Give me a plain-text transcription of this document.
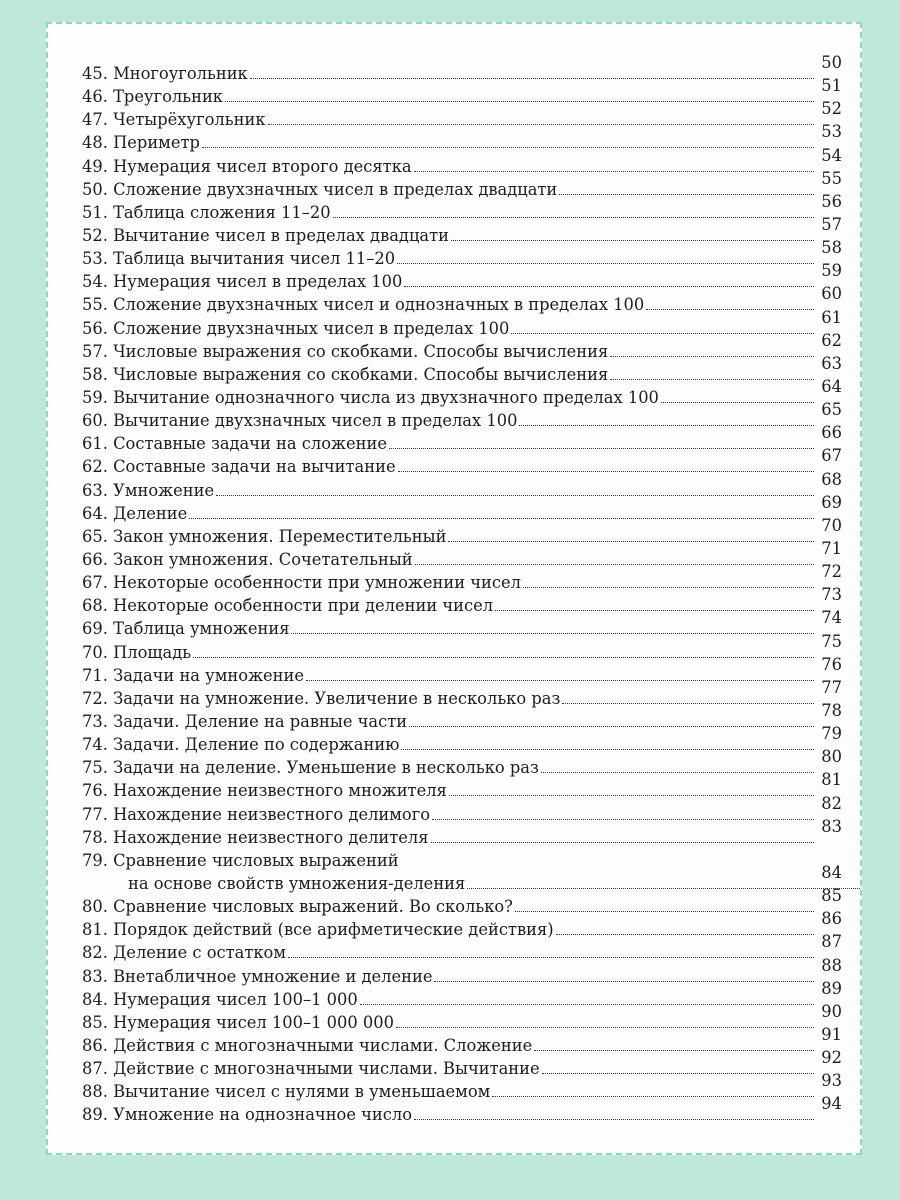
45. Многоугольник
50
46. Треугольник
51
47. Четырёхугольник
52
48. Периметр
53
49. Нумерация чисел второго десятка
54
50. Сложение двухзначных чисел в пределах двадцати
55
51. Таблица сложения 11–20
56
52. Вычитание чисел в пределах двадцати
57
53. Таблица вычитания чисел 11–20
58
54. Нумерация чисел в пределах 100
59
55. Сложение двухзначных чисел и однозначных в пределах 100
60
56. Сложение двухзначных чисел в пределах 100
61
57. Числовые выражения со скобками. Способы вычисления
62
58. Числовые выражения со скобками. Способы вычисления
63
59. Вычитание однозначного числа из двухзначного пределах 100
64
60. Вычитание двухзначных чисел в пределах 100
65
61. Составные задачи на сложение
66
62. Составные задачи на вычитание
67
63. Умножение
68
64. Деление
69
65. Закон умножения. Переместительный
70
66. Закон умножения. Сочетательный
71
67. Некоторые особенности при умножении чисел
72
68. Некоторые особенности при делении чисел
73
69. Таблица умножения
74
70. Площадь
75
71. Задачи на умножение
76
72. Задачи на умножение. Увеличение в несколько раз
77
73. Задачи. Деление на равные части
78
74. Задачи. Деление по содержанию
79
75. Задачи на деление. Уменьшение в несколько раз
80
76. Нахождение неизвестного множителя
81
77. Нахождение неизвестного делимого
82
78. Нахождение неизвестного делителя
83
79. Сравнение числовых выражений
на основе свойств умножения-деления
84
80. Сравнение числовых выражений. Во сколько?
85
81. Порядок действий (все арифметические действия)
86
82. Деление с остатком
87
83. Внетабличное умножение и деление
88
84. Нумерация чисел 100–1 000
89
85. Нумерация чисел 100–1 000 000
90
86. Действия с многозначными числами. Сложение
91
87. Действие с многозначными числами. Вычитание
92
88. Вычитание чисел с нулями в уменьшаемом
93
89. Умножение на однозначное число
94
